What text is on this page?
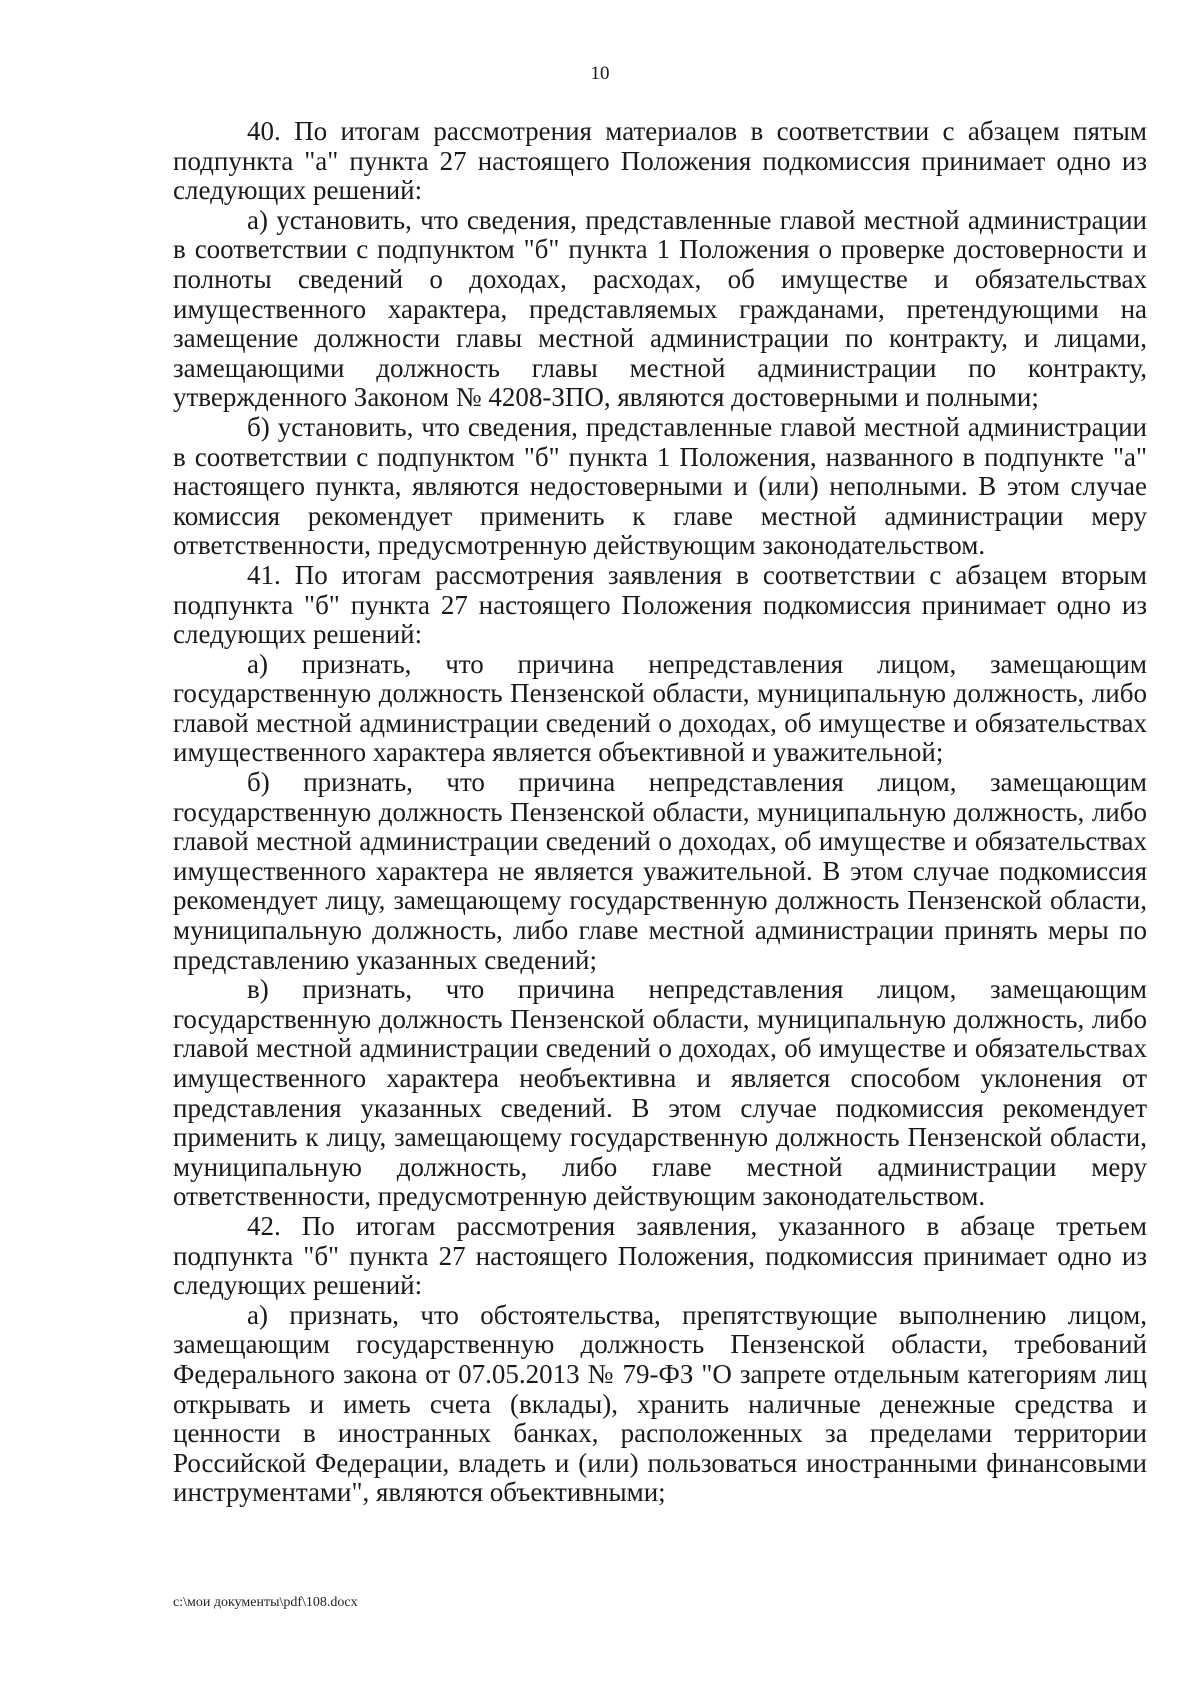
10

40. По итогам рассмотрения материалов в соответствии с абзацем пятым подпункта "а" пункта 27 настоящего Положения подкомиссия принимает одно из следующих решений:

а) установить, что сведения, представленные главой местной администрации в соответствии с подпунктом "б" пункта 1 Положения о проверке достоверности и полноты сведений о доходах, расходах, об имуществе и обязательствах имущественного характера, представляемых гражданами, претендующими на замещение должности главы местной администрации по контракту, и лицами, замещающими должность главы местной администрации по контракту, утвержденного Законом № 4208-ЗПО, являются достоверными и полными;

б) установить, что сведения, представленные главой местной администрации в соответствии с подпунктом "б" пункта 1 Положения, названного в подпункте "а" настоящего пункта, являются недостоверными и (или) неполными. В этом случае комиссия рекомендует применить к главе местной администрации меру ответственности, предусмотренную действующим законодательством.

41. По итогам рассмотрения заявления в соответствии с абзацем вторым подпункта "б" пункта 27 настоящего Положения подкомиссия принимает одно из следующих решений:

а) признать, что причина непредставления лицом, замещающим государственную должность Пензенской области, муниципальную должность, либо главой местной администрации сведений о доходах, об имуществе и обязательствах имущественного характера является объективной и уважительной;

б) признать, что причина непредставления лицом, замещающим государственную должность Пензенской области, муниципальную должность, либо главой местной администрации сведений о доходах, об имуществе и обязательствах имущественного характера не является уважительной. В этом случае подкомиссия рекомендует лицу, замещающему государственную должность Пензенской области, муниципальную должность, либо главе местной администрации принять меры по представлению указанных сведений;

в) признать, что причина непредставления лицом, замещающим государственную должность Пензенской области, муниципальную должность, либо главой местной администрации сведений о доходах, об имуществе и обязательствах имущественного характера необъективна и является способом уклонения от представления указанных сведений. В этом случае подкомиссия рекомендует применить к лицу, замещающему государственную должность Пензенской области, муниципальную должность, либо главе местной администрации меру ответственности, предусмотренную действующим законодательством.

42. По итогам рассмотрения заявления, указанного в абзаце третьем подпункта "б" пункта 27 настоящего Положения, подкомиссия принимает одно из следующих решений:

а) признать, что обстоятельства, препятствующие выполнению лицом, замещающим государственную должность Пензенской области, требований Федерального закона от 07.05.2013 № 79-ФЗ "О запрете отдельным категориям лиц открывать и иметь счета (вклады), хранить наличные денежные средства и ценности в иностранных банках, расположенных за пределами территории Российской Федерации, владеть и (или) пользоваться иностранными финансовыми инструментами", являются объективными;

c:\мои документы\pdf\108.docx
